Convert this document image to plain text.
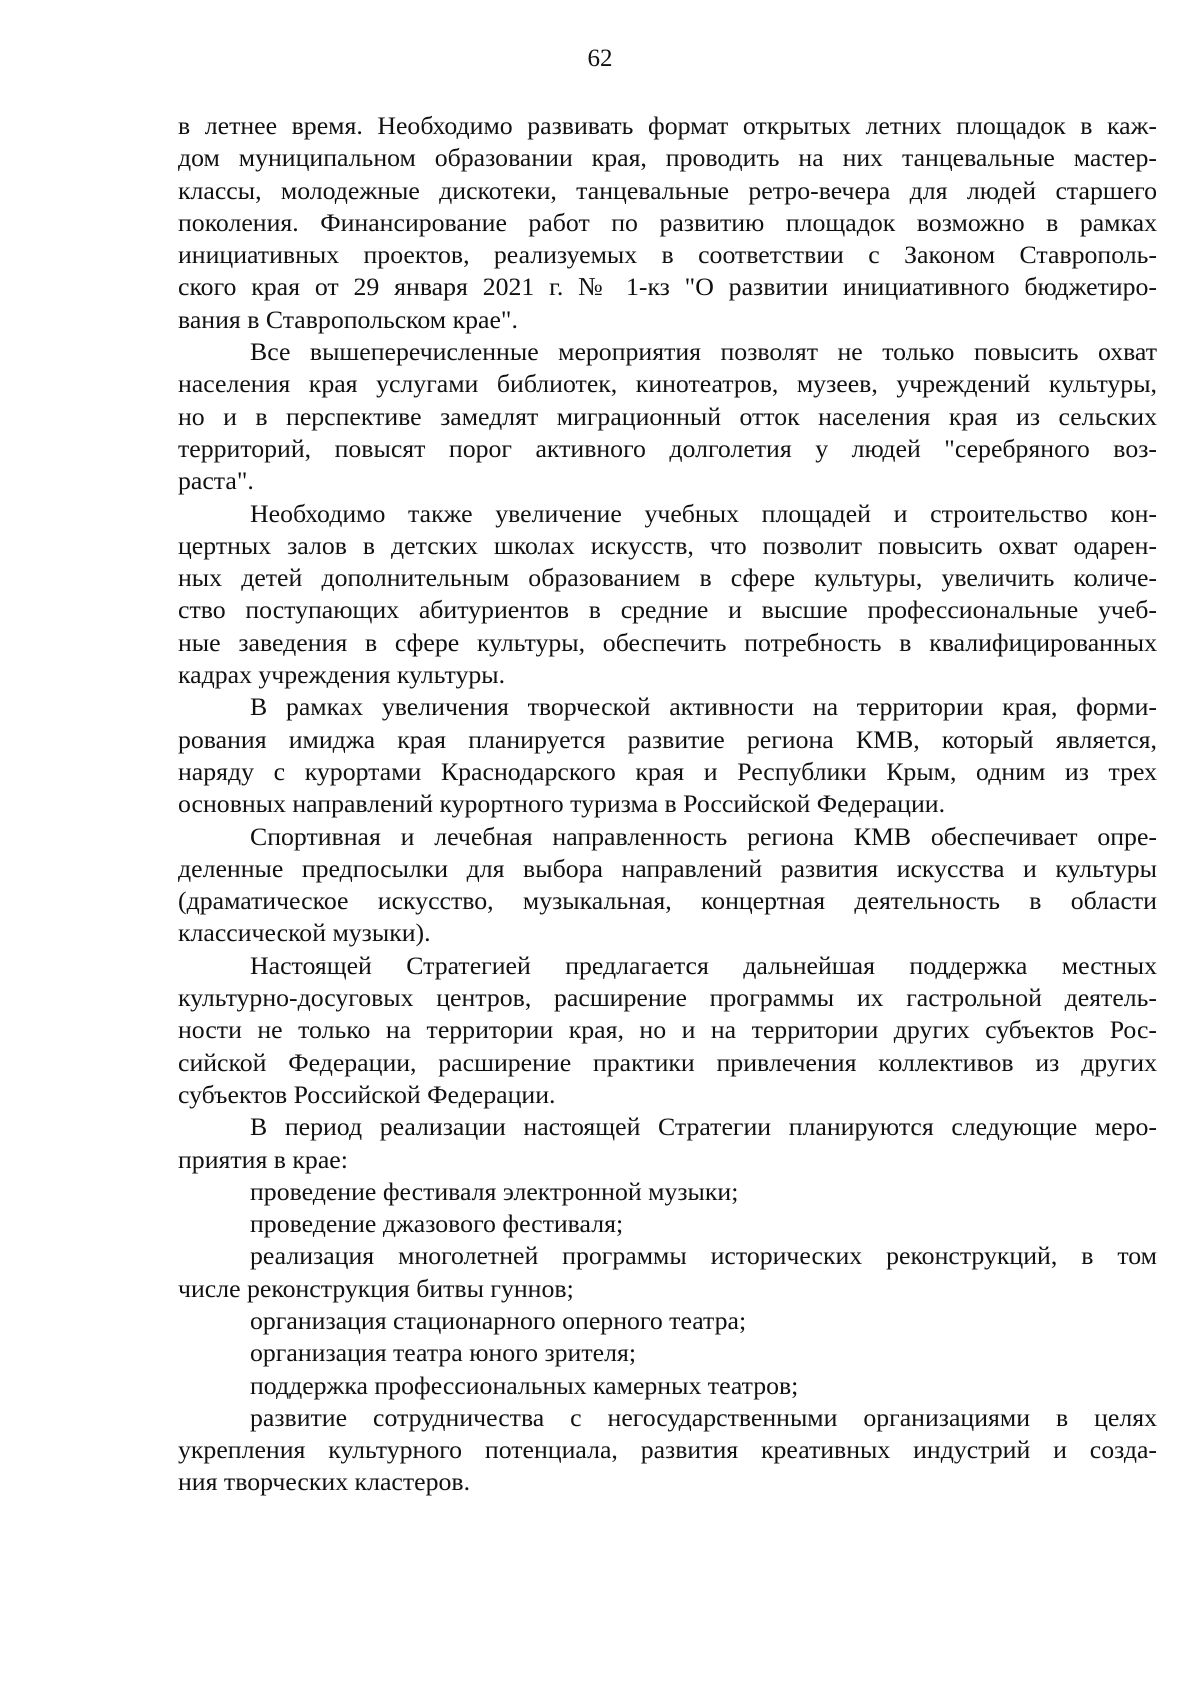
62
в летнее время. Необходимо развивать формат открытых летних площадок в каж-
дом муниципальном образовании края, проводить на них танцевальные мастер-
классы, молодежные дискотеки, танцевальные ретро-вечера для людей старшего
поколения. Финансирование работ по развитию площадок возможно в рамках
инициативных проектов, реализуемых в соответствии с Законом Ставрополь-
ского края от 29 января 2021 г. № 1-кз "О развитии инициативного бюджетиро-
вания в Ставропольском крае".
Все вышеперечисленные мероприятия позволят не только повысить охват
населения края услугами библиотек, кинотеатров, музеев, учреждений культуры,
но и в перспективе замедлят миграционный отток населения края из сельских
территорий, повысят порог активного долголетия у людей "серебряного воз-
раста".
Необходимо также увеличение учебных площадей и строительство кон-
цертных залов в детских школах искусств, что позволит повысить охват одарен-
ных детей дополнительным образованием в сфере культуры, увеличить количе-
ство поступающих абитуриентов в средние и высшие профессиональные учеб-
ные заведения в сфере культуры, обеспечить потребность в квалифицированных
кадрах учреждения культуры.
В рамках увеличения творческой активности на территории края, форми-
рования имиджа края планируется развитие региона КМВ, который является,
наряду с курортами Краснодарского края и Республики Крым, одним из трех
основных направлений курортного туризма в Российской Федерации.
Спортивная и лечебная направленность региона КМВ обеспечивает опре-
деленные предпосылки для выбора направлений развития искусства и культуры
(драматическое искусство, музыкальная, концертная деятельность в области
классической музыки).
Настоящей Стратегией предлагается дальнейшая поддержка местных
культурно-досуговых центров, расширение программы их гастрольной деятель-
ности не только на территории края, но и на территории других субъектов Рос-
сийской Федерации, расширение практики привлечения коллективов из других
субъектов Российской Федерации.
В период реализации настоящей Стратегии планируются следующие меро-
приятия в крае:
проведение фестиваля электронной музыки;
проведение джазового фестиваля;
реализация многолетней программы исторических реконструкций, в том
числе реконструкция битвы гуннов;
организация стационарного оперного театра;
организация театра юного зрителя;
поддержка профессиональных камерных театров;
развитие сотрудничества с негосударственными организациями в целях
укрепления культурного потенциала, развития креативных индустрий и созда-
ния творческих кластеров.
